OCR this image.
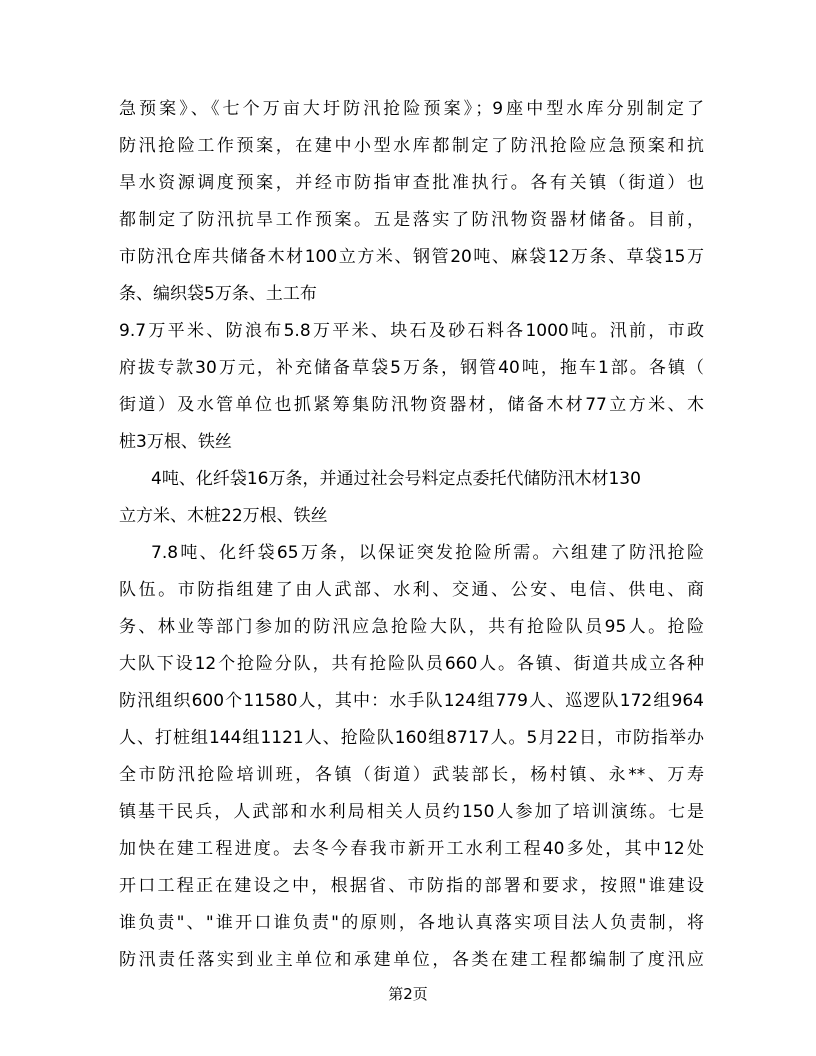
急预案》、《七个万亩大圩防汛抢险预案》；9座中型水库分别制定了
防汛抢险工作预案，在建中小型水库都制定了防汛抢险应急预案和抗
旱水资源调度预案，并经市防指审查批准执行。各有关镇（街道）也
都制定了防汛抗旱工作预案。五是落实了防汛物资器材储备。目前，
市防汛仓库共储备木材100立方米、钢管20吨、麻袋12万条、草袋15万
条、编织袋5万条、土工布
9.7万平米、防浪布5.8万平米、块石及砂石料各1000吨。汛前，市政
府拔专款30万元，补充储备草袋5万条，钢管40吨，拖车1部。各镇（
街道）及水管单位也抓紧筹集防汛物资器材，储备木材77立方米、木
桩3万根、铁丝
4吨、化纤袋16万条，并通过社会号料定点委托代储防汛木材130
立方米、木桩22万根、铁丝
7.8吨、化纤袋65万条，以保证突发抢险所需。六组建了防汛抢险
队伍。市防指组建了由人武部、水利、交通、公安、电信、供电、商
务、林业等部门参加的防汛应急抢险大队，共有抢险队员95人。抢险
大队下设12个抢险分队，共有抢险队员660人。各镇、街道共成立各种
防汛组织600个11580人，其中：水手队124组779人、巡逻队172组964
人、打桩组144组1121人、抢险队160组8717人。5月22日，市防指举办
全市防汛抢险培训班，各镇（街道）武装部长，杨村镇、永**、万寿
镇基干民兵，人武部和水利局相关人员约150人参加了培训演练。七是
加快在建工程进度。去冬今春我市新开工水利工程40多处，其中12处
开口工程正在建设之中，根据省、市防指的部署和要求，按照"谁建设
谁负责"、"谁开口谁负责"的原则，各地认真落实项目法人负责制，将
防汛责任落实到业主单位和承建单位，各类在建工程都编制了度汛应
第2页
